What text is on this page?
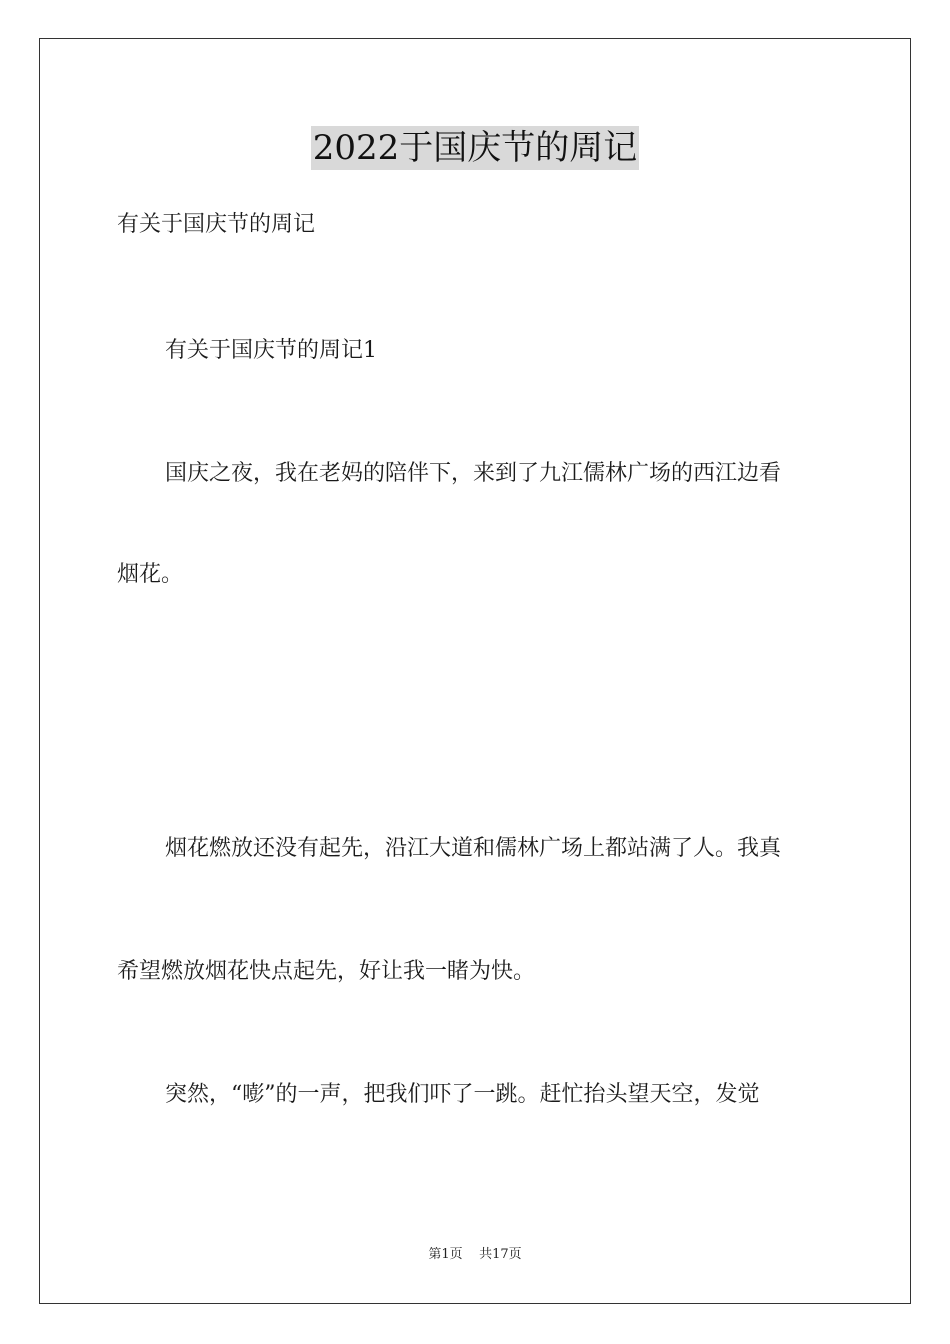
2022于国庆节的周记
有关于国庆节的周记
有关于国庆节的周记1
国庆之夜，我在老妈的陪伴下，来到了九江儒林广场的西江边看
烟花。
烟花燃放还没有起先，沿江大道和儒林广场上都站满了人。我真
希望燃放烟花快点起先，好让我一睹为快。
突然，“嘭”的一声，把我们吓了一跳。赶忙抬头望天空，发觉
第1页 共17页
